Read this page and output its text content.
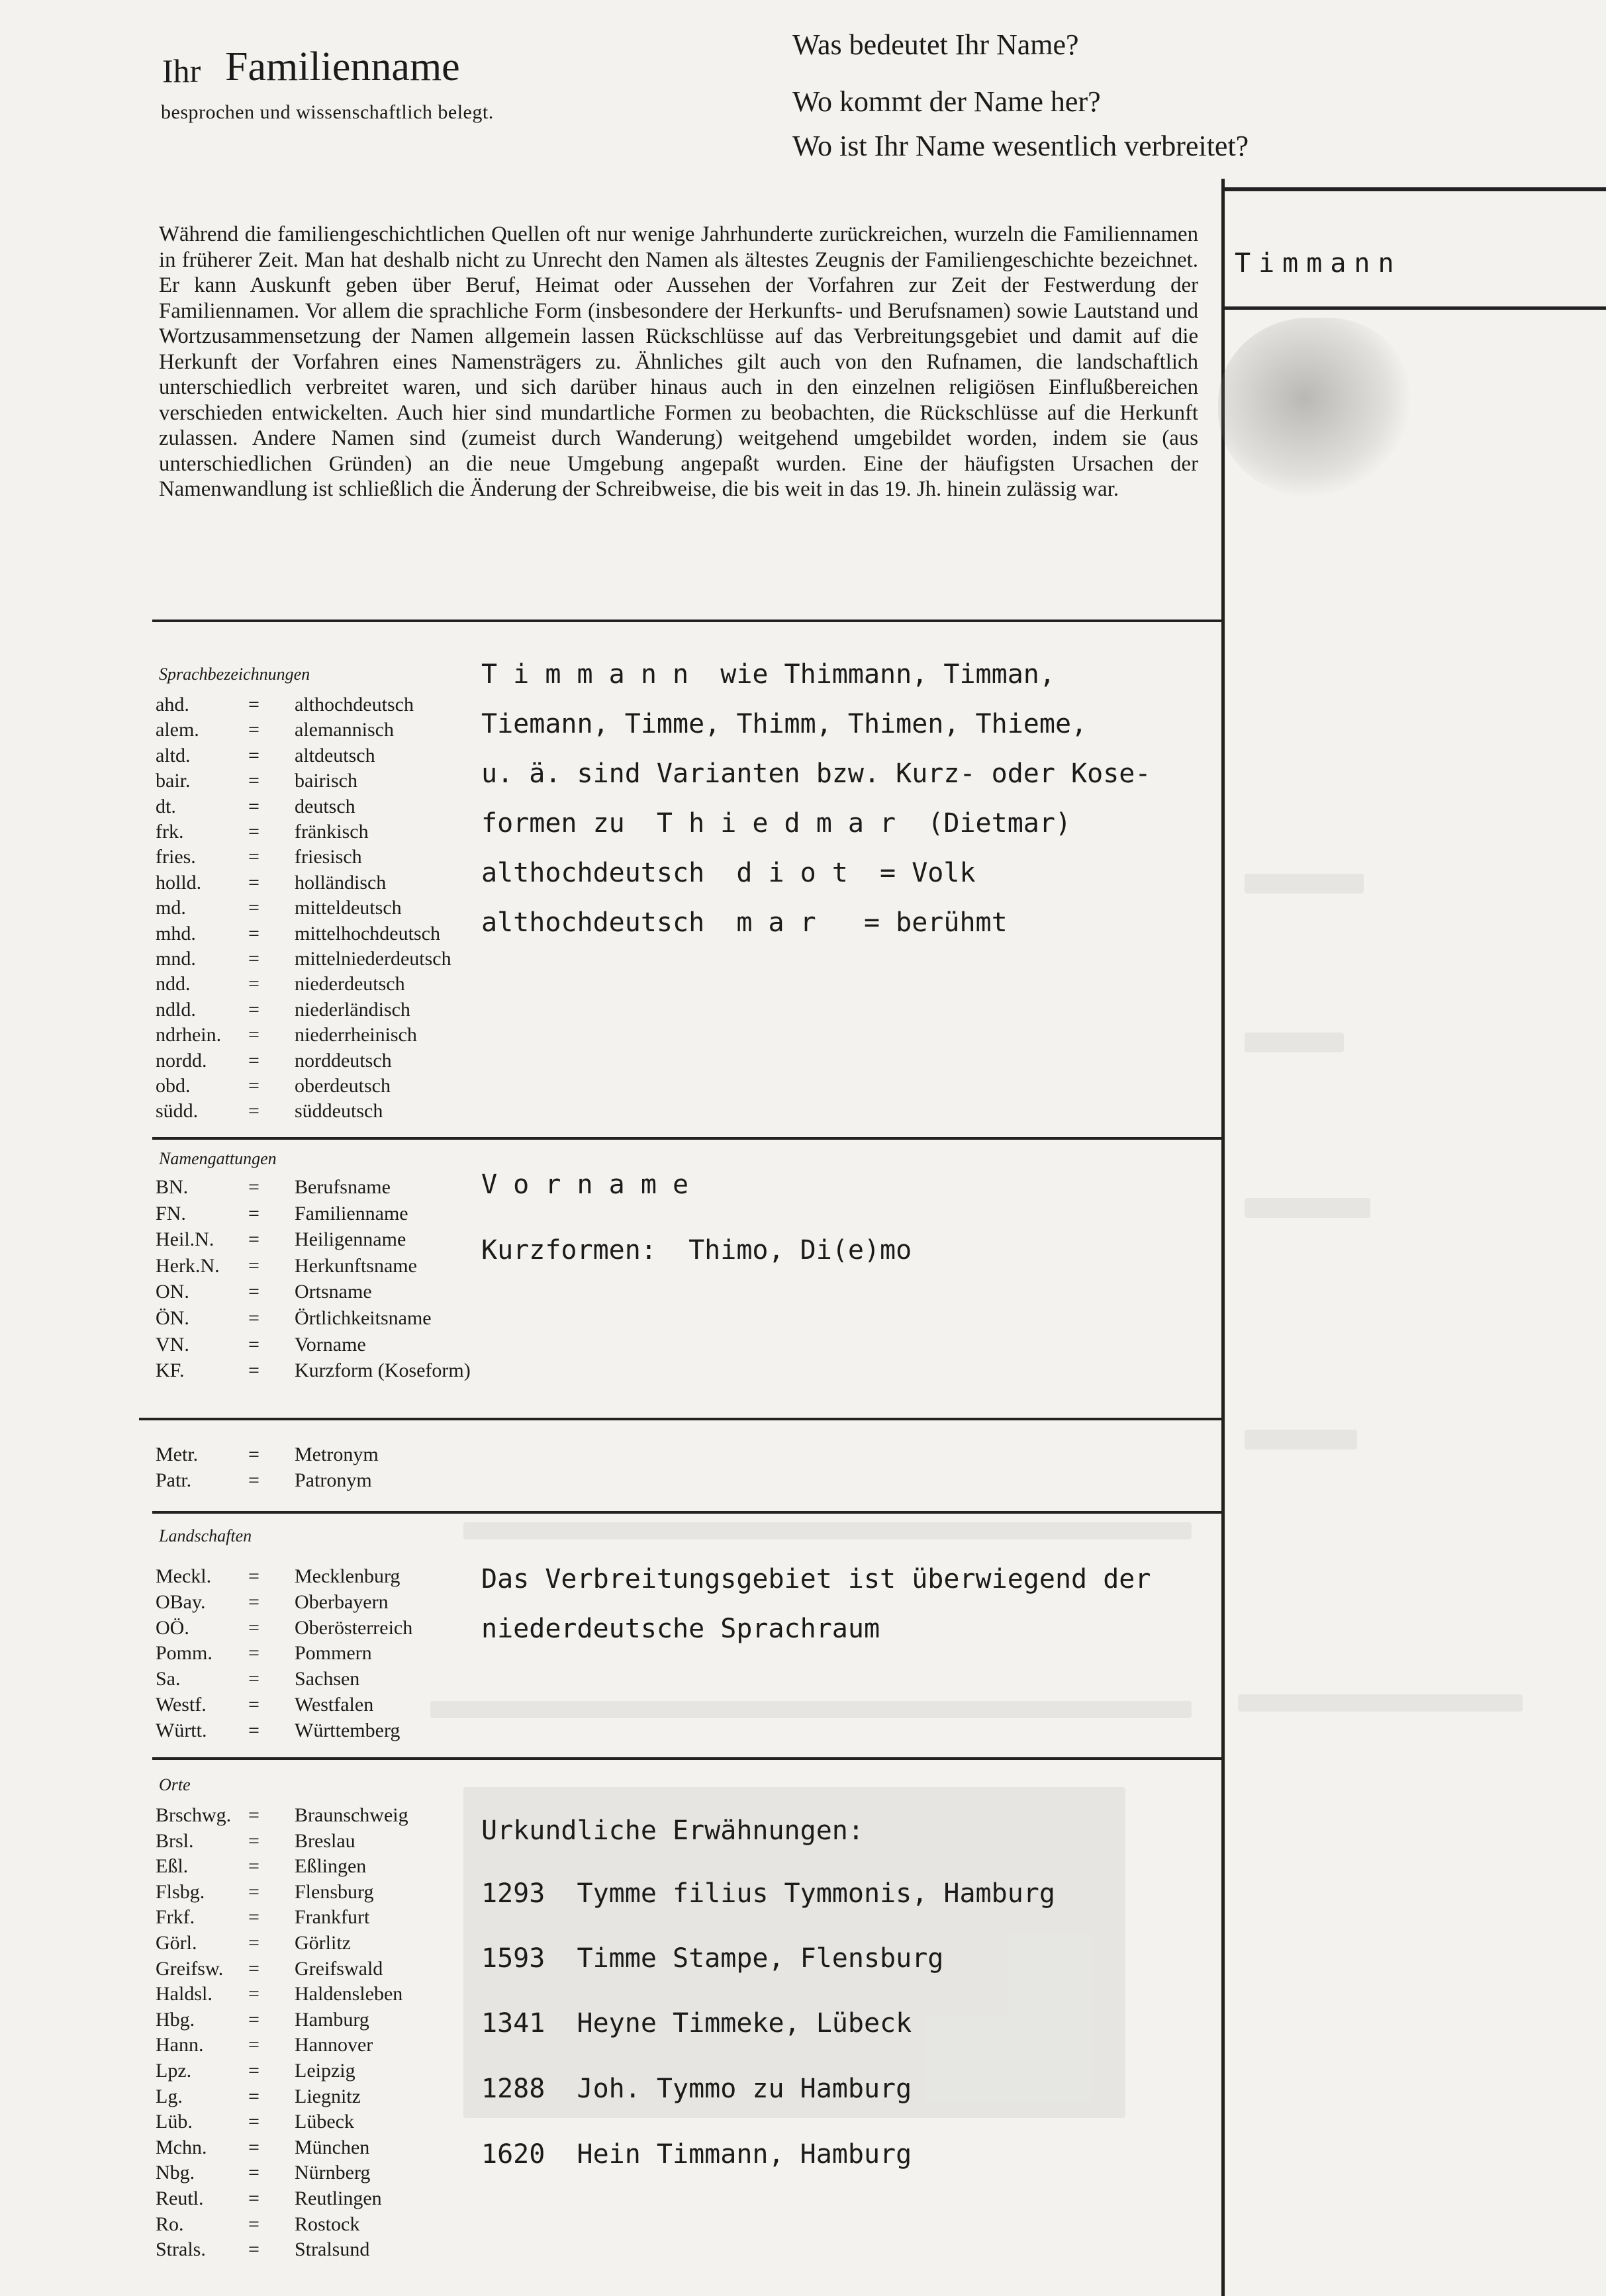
Ihr Familienname
besprochen und wissenschaftlich belegt.
Was bedeutet Ihr Name?
Wo kommt der Name her?
Wo ist Ihr Name wesentlich verbreitet?
Während die familiengeschichtlichen Quellen oft nur wenige Jahrhunderte zurückreichen, wurzeln die Familiennamen in früherer Zeit. Man hat deshalb nicht zu Unrecht den Namen als ältestes Zeugnis der Familiengeschichte bezeichnet. Er kann Auskunft geben über Beruf, Heimat oder Aussehen der Vorfahren zur Zeit der Festwerdung der Familiennamen. Vor allem die sprachliche Form (insbesondere der Herkunfts- und Berufsnamen) sowie Lautstand und Wortzusammensetzung der Namen allgemein lassen Rückschlüsse auf das Verbreitungsgebiet und damit auf die Herkunft der Vorfahren eines Namensträgers zu. Ähnliches gilt auch von den Rufnamen, die landschaftlich unterschiedlich verbreitet waren, und sich darüber hinaus auch in den einzelnen religiösen Einflußbereichen verschieden entwickelten. Auch hier sind mundartliche Formen zu beobachten, die Rückschlüsse auf die Herkunft zulassen. Andere Namen sind (zumeist durch Wanderung) weitgehend umgebildet worden, indem sie (aus unterschiedlichen Gründen) an die neue Umgebung angepaßt wurden. Eine der häufigsten Ursachen der Namenwandlung ist schließlich die Änderung der Schreibweise, die bis weit in das 19. Jh. hinein zulässig war.
Timmann
Sprachbezeichnungen
Namengattungen
Landschaften
Orte
ahd.	= althochdeutsch
alem. = alemannisch
altd.	= altdeutsch
bair.	= bairisch
dt.	= deutsch
frk.	= fränkisch
fries.	= friesisch
holld. = holländisch
md.	= mitteldeutsch
mhd.	= mittelhochdeutsch
mnd.	= mittelniederdeutsch
ndd.	= niederdeutsch
ndld.	= niederländisch
ndrhein. = niederrheinisch
nordd. = norddeutsch
obd.	= oberdeutsch
südd.	= süddeutsch
BN.	= Berufsname
FN.	= Familienname
Heil.N. = Heiligenname
Herk.N. = Herkunftsname
ON.	= Ortsname
ÖN.	= Örtlichkeitsname
VN.	= Vorname
KF.	= Kurzform (Koseform)
Metr.	= Metronym
Patr.	= Patronym
Meckl. = Mecklenburg
OBay. = Oberbayern
OÖ.	= Oberösterreich
Pomm. = Pommern
Sa.	= Sachsen
Westf. = Westfalen
Württ. = Württemberg
Brschwg. = Braunschweig
Brsl.	= Breslau
Eßl.	= Eßlingen
Flsbg. = Flensburg
Frkf.	= Frankfurt
Görl.	= Görlitz
Greifsw. = Greifswald
Haldsl. = Haldensleben
Hbg.	= Hamburg
Hann. = Hannover
Lpz.	= Leipzig
Lg.	= Liegnitz
Lüb.	= Lübeck
Mchn. = München
Nbg.	= Nürnberg
Reutl. = Reutlingen
Ro.	= Rostock
Strals. = Stralsund
T i m m a n n  wie Thimmann, Timman,
Tiemann, Timme, Thimm, Thimen, Thieme,
u. ä. sind Varianten bzw. Kurz- oder Kose-
formen zu  T h i e d m a r  (Dietmar)
althochdeutsch  d i o t  = Volk
althochdeutsch  m a r   = berühmt
V o r n a m e
Kurzformen:  Thimo, Di(e)mo
Das Verbreitungsgebiet ist überwiegend der
niederdeutsche Sprachraum
Urkundliche Erwähnungen:
1293  Tymme filius Tymmonis, Hamburg
1593  Timme Stampe, Flensburg
1341  Heyne Timmeke, Lübeck
1288  Joh. Tymmo zu Hamburg
1620  Hein Timmann, Hamburg
